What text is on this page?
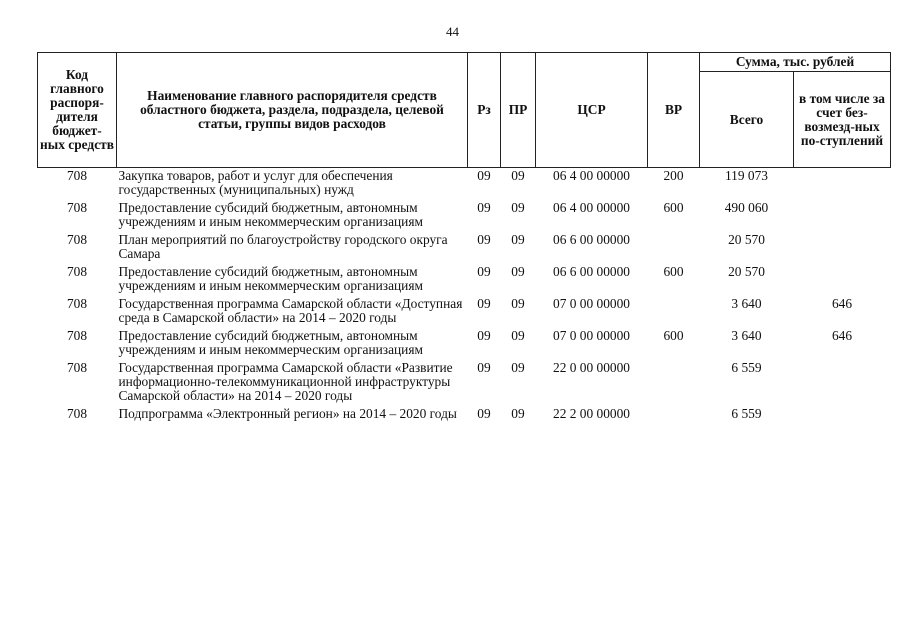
44
Код главного распоря-дителя бюджет-ных средств	Наименование главного распорядителя средств областного бюджета, раздела, подраздела, целевой статьи, группы видов расходов	Рз	ПР	ЦСР	ВР	Сумма, тыс. рублей	
						Всего	в том числе за счет без-возмезд-ных по-ступлений
708	Закупка товаров, работ и услуг для обеспечения государственных (муниципальных) нужд	09	09	06 4 00 00000	200	119 073	
708	Предоставление субсидий бюджетным, автономным учреждениям и иным некоммерческим организациям	09	09	06 4 00 00000	600	490 060	
708	План мероприятий по благоустройству городского округа Самара	09	09	06 6 00 00000		20 570	
708	Предоставление субсидий бюджетным, автономным учреждениям и иным некоммерческим организациям	09	09	06 6 00 00000	600	20 570	
708	Государственная программа Самарской области «Доступная среда в Самарской области» на 2014 – 2020 годы	09	09	07 0 00 00000		3 640	646
708	Предоставление субсидий бюджетным, автономным учреждениям и иным некоммерческим организациям	09	09	07 0 00 00000	600	3 640	646
708	Государственная программа Самарской области «Развитие информационно-телекоммуникационной инфраструктуры Самарской области» на 2014 – 2020 годы	09	09	22 0 00 00000		6 559	
708	Подпрограмма «Электронный регион» на 2014 – 2020 годы	09	09	22 2 00 00000		6 559	
